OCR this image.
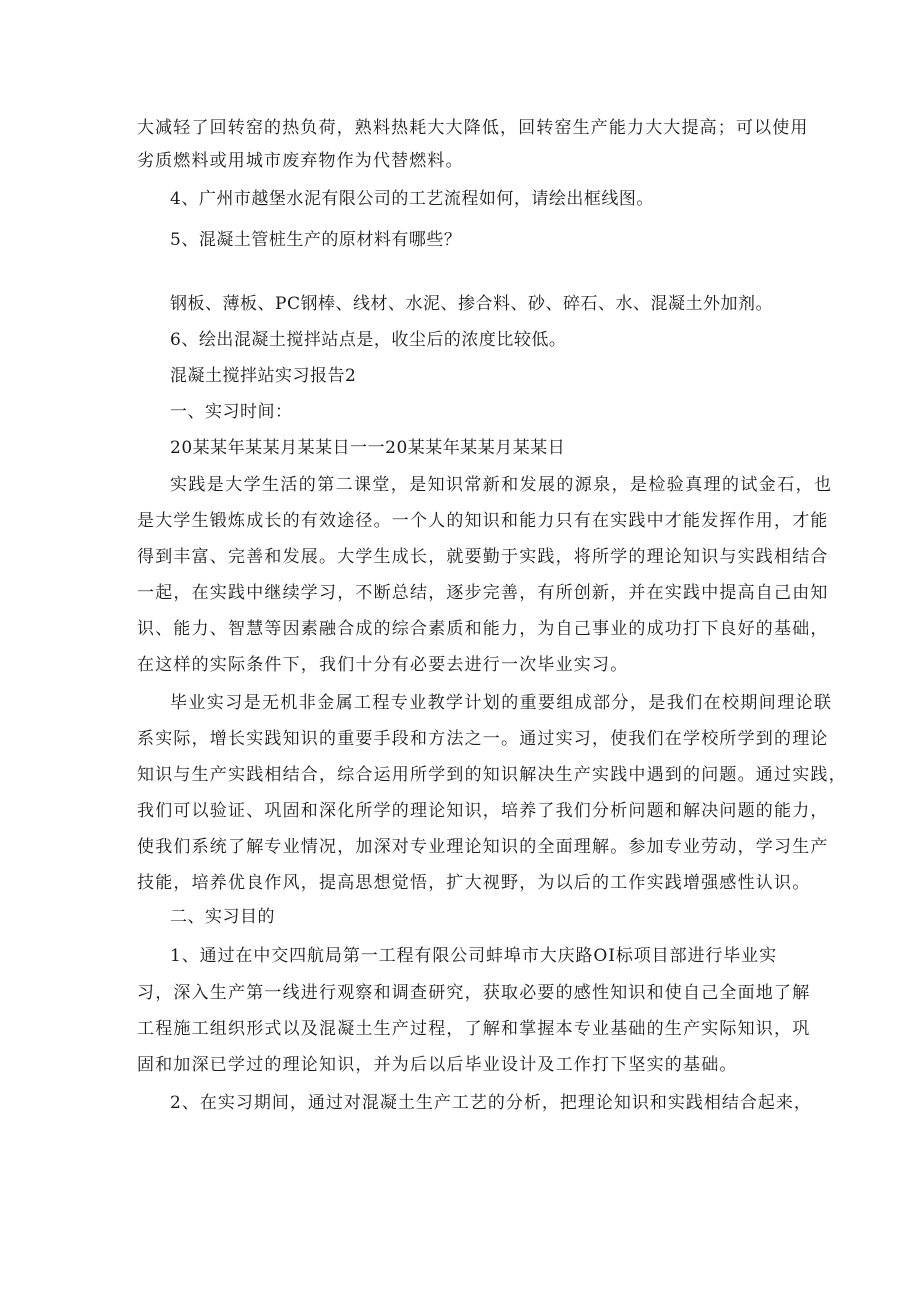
大减轻了回转窑的热负荷，熟料热耗大大降低，回转窑生产能力大大提高；可以使用

劣质燃料或用城市废弃物作为代替燃料。

4、广州市越堡水泥有限公司的工艺流程如何，请绘出框线图。

5、混凝土管桩生产的原材料有哪些？

钢板、薄板、PC钢棒、线材、水泥、掺合料、砂、碎石、水、混凝土外加剂。

6、绘出混凝土搅拌站点是，收尘后的浓度比较低。

混凝土搅拌站实习报告2

一、实习时间：

20某某年某某月某某日一一20某某年某某月某某日

实践是大学生活的第二课堂，是知识常新和发展的源泉，是检验真理的试金石，也

是大学生锻炼成长的有效途径。一个人的知识和能力只有在实践中才能发挥作用，才能

得到丰富、完善和发展。大学生成长，就要勤于实践，将所学的理论知识与实践相结合

一起，在实践中继续学习，不断总结，逐步完善，有所创新，并在实践中提高自己由知

识、能力、智慧等因素融合成的综合素质和能力，为自己事业的成功打下良好的基础，

在这样的实际条件下，我们十分有必要去进行一次毕业实习。

毕业实习是无机非金属工程专业教学计划的重要组成部分，是我们在校期间理论联

系实际，增长实践知识的重要手段和方法之一。通过实习，使我们在学校所学到的理论

知识与生产实践相结合，综合运用所学到的知识解决生产实践中遇到的问题。通过实践，

我们可以验证、巩固和深化所学的理论知识，培养了我们分析问题和解决问题的能力，

使我们系统了解专业情况，加深对专业理论知识的全面理解。参加专业劳动，学习生产

技能，培养优良作风，提高思想觉悟，扩大视野，为以后的工作实践增强感性认识。

二、实习目的

1、通过在中交四航局第一工程有限公司蚌埠市大庆路OI标项目部进行毕业实

习，深入生产第一线进行观察和调查研究，获取必要的感性知识和使自己全面地了解

工程施工组织形式以及混凝土生产过程，了解和掌握本专业基础的生产实际知识，巩

固和加深已学过的理论知识，并为后以后毕业设计及工作打下坚实的基础。

2、在实习期间，通过对混凝土生产工艺的分析，把理论知识和实践相结合起来，
